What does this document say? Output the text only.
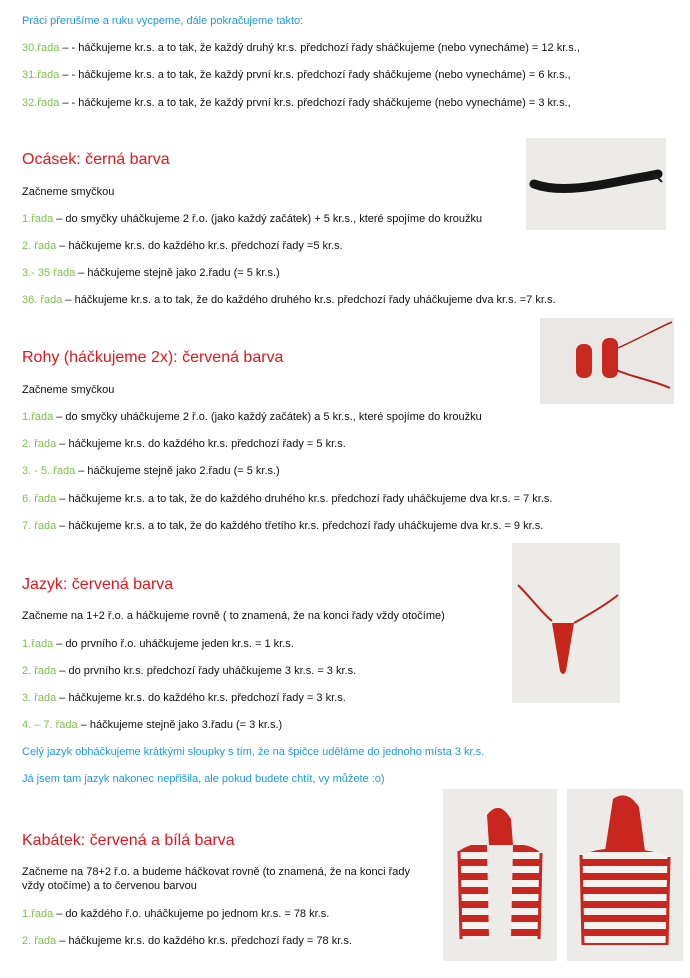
Práci přerušíme a ruku vycpeme, dále pokračujeme takto:
30.řada – - háčkujeme kr.s. a to tak, že každý druhý kr.s. předchozí řady sháčkujeme (nebo vynecháme) = 12 kr.s.,
31.řada – - háčkujeme kr.s. a to tak, že každý první kr.s. předchozí řady sháčkujeme (nebo vynecháme) = 6 kr.s.,
32.řada – - háčkujeme kr.s. a to tak, že každý první kr.s. předchozí řady sháčkujeme (nebo vynecháme) = 3 kr.s.,
Ocásek: černá barva
Začneme smyčkou
1.řada – do smyčky uháčkujeme 2 ř.o. (jako každý začátek) + 5 kr.s., které spojíme do kroužku
2. řada – háčkujeme kr.s. do každého kr.s. předchozí řady =5 kr.s.
3.- 35 řada – háčkujeme stejně jako 2.řadu (= 5 kr.s.)
36. řada – háčkujeme kr.s. a to tak, že do každého druhého kr.s. předchozí řady uháčkujeme dva kr.s. =7 kr.s.
Rohy (háčkujeme 2x): červená barva
Začneme smyčkou
1.řada – do smyčky uháčkujeme 2 ř.o. (jako každý začátek) a 5 kr.s., které spojíme do kroužku
2. řada – háčkujeme kr.s. do každého kr.s. předchozí řady = 5 kr.s.
3. - 5. řada – háčkujeme stejně jako 2.řadu (= 5 kr.s.)
6. řada – háčkujeme kr.s. a to tak, že do každého druhého kr.s. předchozí řady uháčkujeme dva kr.s. = 7 kr.s.
7. řada – háčkujeme kr.s. a to tak, že do každého třetího kr.s. předchozí řady uháčkujeme dva kr.s. = 9 kr.s.
Jazyk: červená barva
Začneme na 1+2 ř.o. a háčkujeme rovně ( to znamená, že na konci řady vždy otočíme)
1.řada – do prvního ř.o. uháčkujeme jeden kr.s. = 1 kr.s.
2. řada – do prvního kr.s. předchozí řady uháčkujeme 3 kr.s. = 3 kr.s.
3. řada – háčkujeme kr.s. do každého kr.s. předchozí řady = 3 kr.s.
4. – 7. řada – háčkujeme stejně jako 3.řadu (= 3 kr.s.)
Celý jazyk obháčkujeme krátkými sloupky s tím, že na špičce uděláme do jednoho místa 3 kr.s.
Já jsem tam jazyk nakonec nepřišila, ale pokud budete chtít, vy můžete :o)
Kabátek: červená a bílá barva
Začneme na 78+2 ř.o. a budeme háčkovat rovně (to znamená, že na konci řady vždy otočíme) a to červenou barvou
1.řada – do každého ř.o. uháčkujeme po jednom kr.s. = 78 kr.s.
2. řada – háčkujeme kr.s. do každého kr.s. předchozí řady = 78 kr.s.
